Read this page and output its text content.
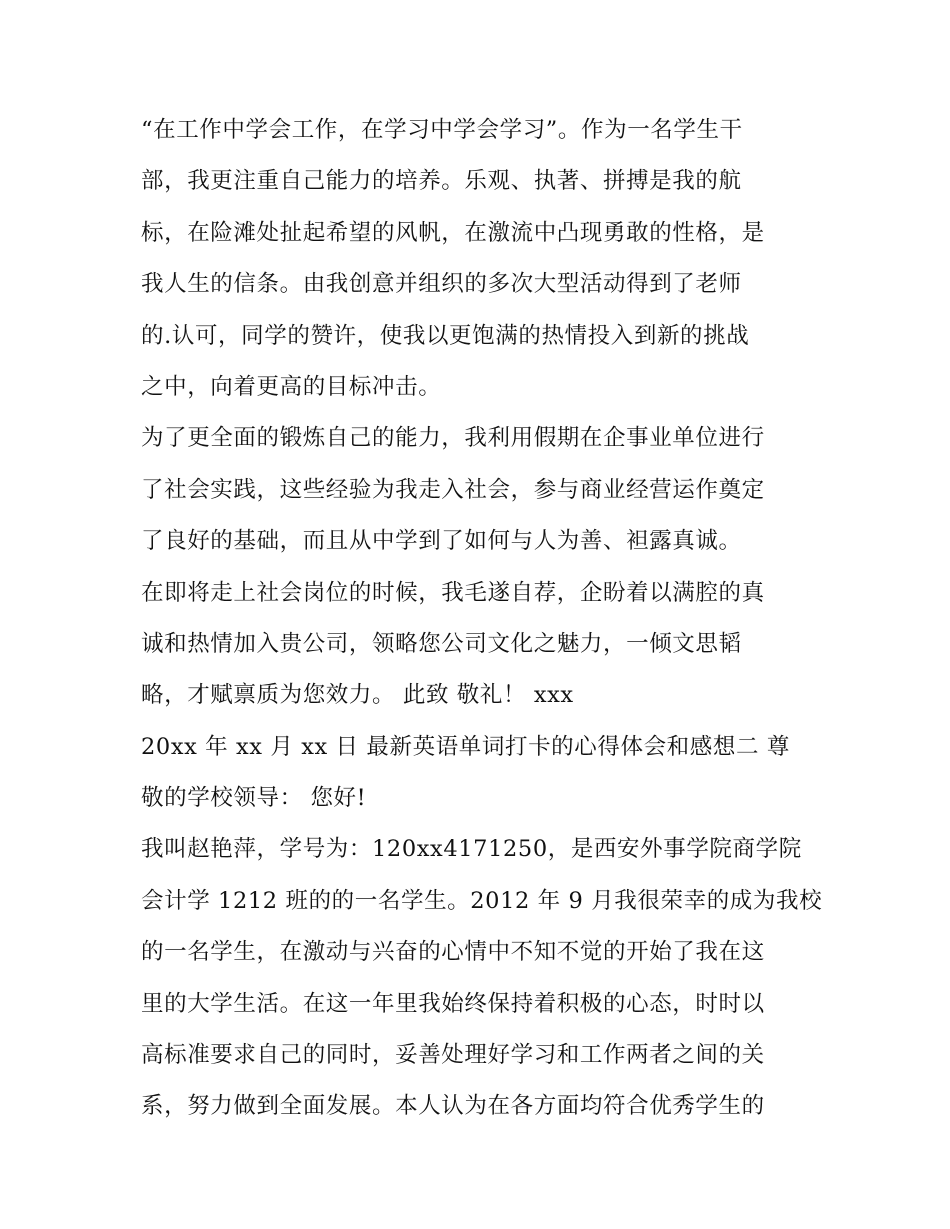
“在工作中学会工作，在学习中学会学习”。作为一名学生干
部，我更注重自己能力的培养。乐观、执著、拼搏是我的航
标，在险滩处扯起希望的风帆，在激流中凸现勇敢的性格，是
我人生的信条。由我创意并组织的多次大型活动得到了老师
的.认可，同学的赞许，使我以更饱满的热情投入到新的挑战
之中，向着更高的目标冲击。
为了更全面的锻炼自己的能力，我利用假期在企事业单位进行
了社会实践，这些经验为我走入社会，参与商业经营运作奠定
了良好的基础，而且从中学到了如何与人为善、袒露真诚。
在即将走上社会岗位的时候，我毛遂自荐，企盼着以满腔的真
诚和热情加入贵公司，领略您公司文化之魅力，一倾文思韬
略，才赋禀质为您效力。 此致 敬礼！ xxx
20xx 年 xx 月 xx 日 最新英语单词打卡的心得体会和感想二 尊
敬的学校领导： 您好!
我叫赵艳萍，学号为：120xx4171250，是西安外事学院商学院
会计学 1212 班的的一名学生。2012 年 9 月我很荣幸的成为我校
的一名学生，在激动与兴奋的心情中不知不觉的开始了我在这
里的大学生活。在这一年里我始终保持着积极的心态，时时以
高标准要求自己的同时，妥善处理好学习和工作两者之间的关
系，努力做到全面发展。本人认为在各方面均符合优秀学生的
